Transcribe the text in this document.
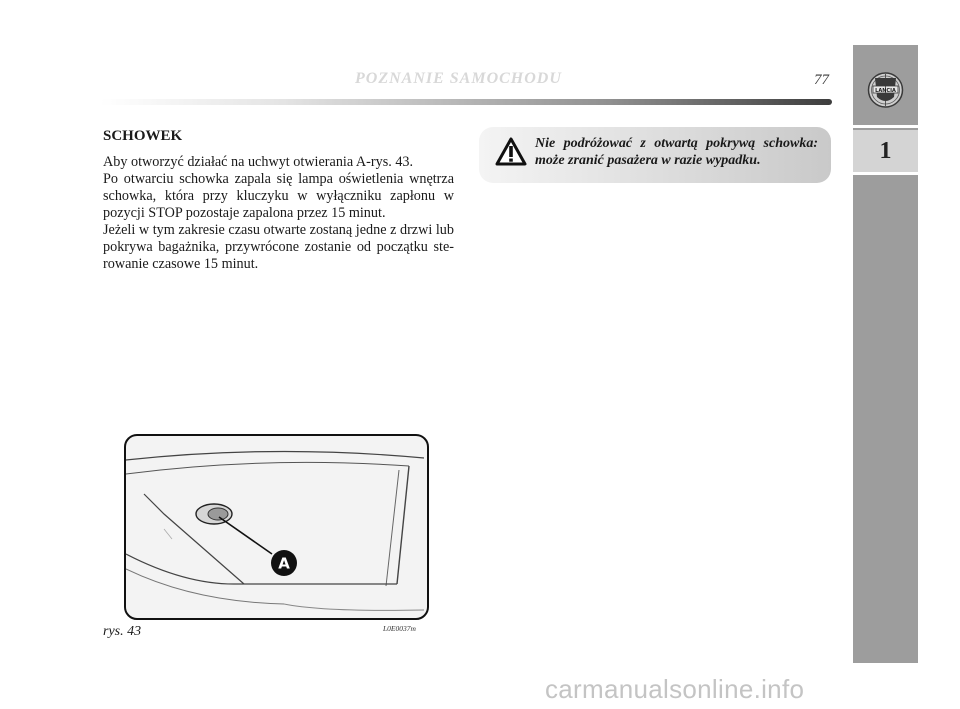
POZNANIE SAMOCHODU	77
LANCIA
1
SCHOWEK

Aby otworzyć działać na uchwyt otwierania A-rys. 43.

Po otwarciu schowka zapala się lampa oświetlenia wnętrza schowka, która przy kluczyku w wyłączniku zapłonu w pozycji STOP pozostaje zapalona przez 15 minut.

Jeżeli w tym zakresie czasu otwarte zostaną jedne z drzwi lub pokrywa bagażnika, przywrócone zostanie od początku ste-rowanie czasowe 15 minut.

Nie podróżować z otwartą pokrywą schowka: może zranić pasażera w razie wypadku.
A
rys. 43	L0E0037m
carmanualsonline.info
